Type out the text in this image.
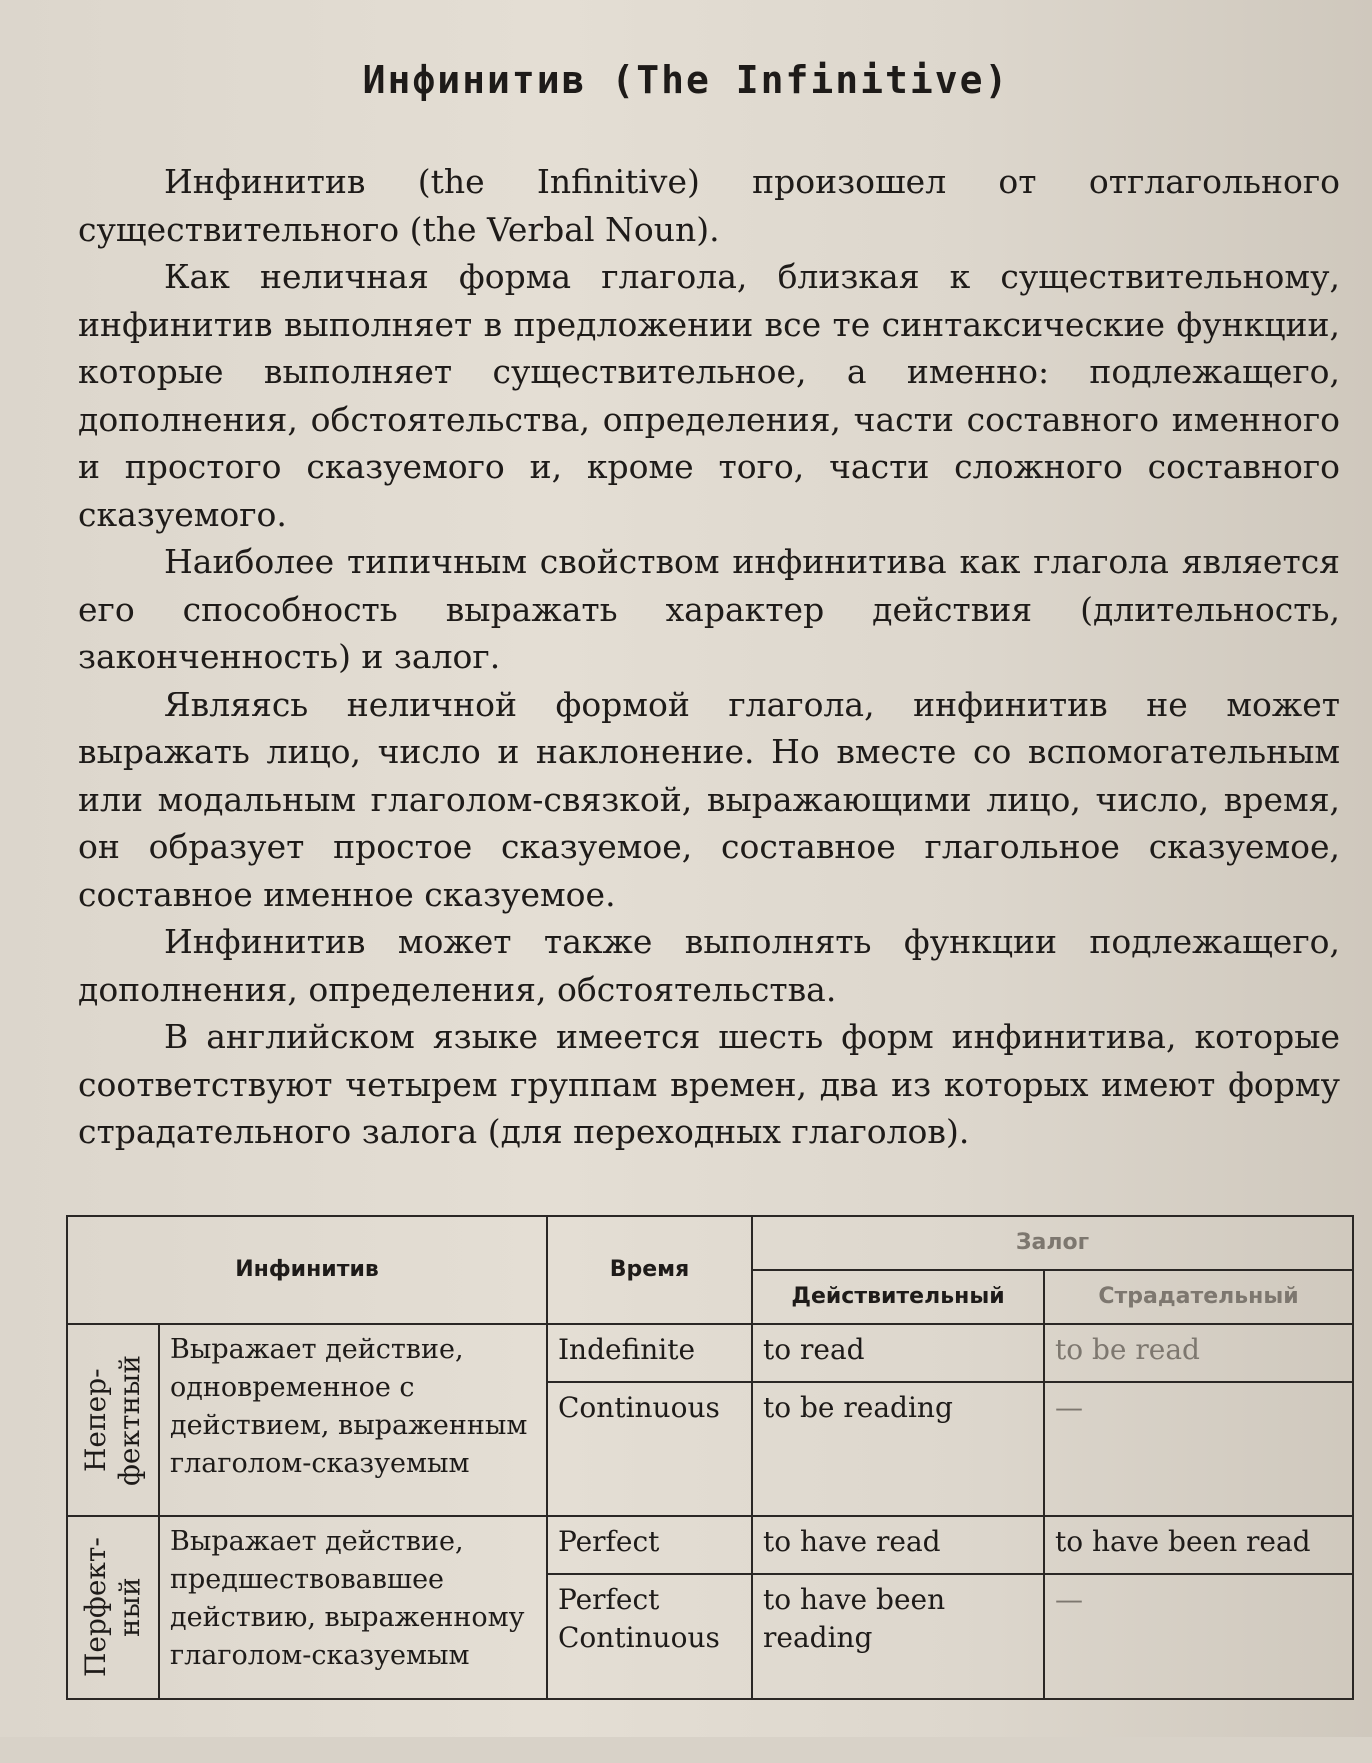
Инфинитив (The Infinitive)

Инфинитив (the Infinitive) произошел от отглагольного существительного (the Verbal Noun).

Как неличная форма глагола, близкая к существительному, инфинитив выполняет в предложении все те синтаксические функции, которые выполняет существительное, а именно: подлежащего, дополнения, обстоятельства, определения, части составного именного и простого сказуемого и, кроме того, части сложного составного сказуемого.

Наиболее типичным свойством инфинитива как глагола является его способность выражать характер действия (длительность, законченность) и залог.

Являясь неличной формой глагола, инфинитив не может выражать лицо, число и наклонение. Но вместе со вспомогательным или модальным глаголом-связкой, выражающими лицо, число, время, он образует простое сказуемое, составное глагольное сказуемое, составное именное сказуемое.

Инфинитив может также выполнять функции подлежащего, дополнения, определения, обстоятельства.

В английском языке имеется шесть форм инфинитива, которые соответствуют четырем группам времен, два из которых имеют форму страдательного залога (для переходных глаголов).

Инфинитив		Время	Залог	
			Действительный	Страдательный

Непер-фектный	Выражает действие, одновременное с действием, выраженным глаголом-сказуемым	Indefinite	to read	to be read
		Continuous	to be reading	—

Перфект-ный	Выражает действие, предшествовавшее действию, выраженному глаголом-сказуемым	Perfect	to have read	to have been read
		Perfect Continuous	to have been reading	—
